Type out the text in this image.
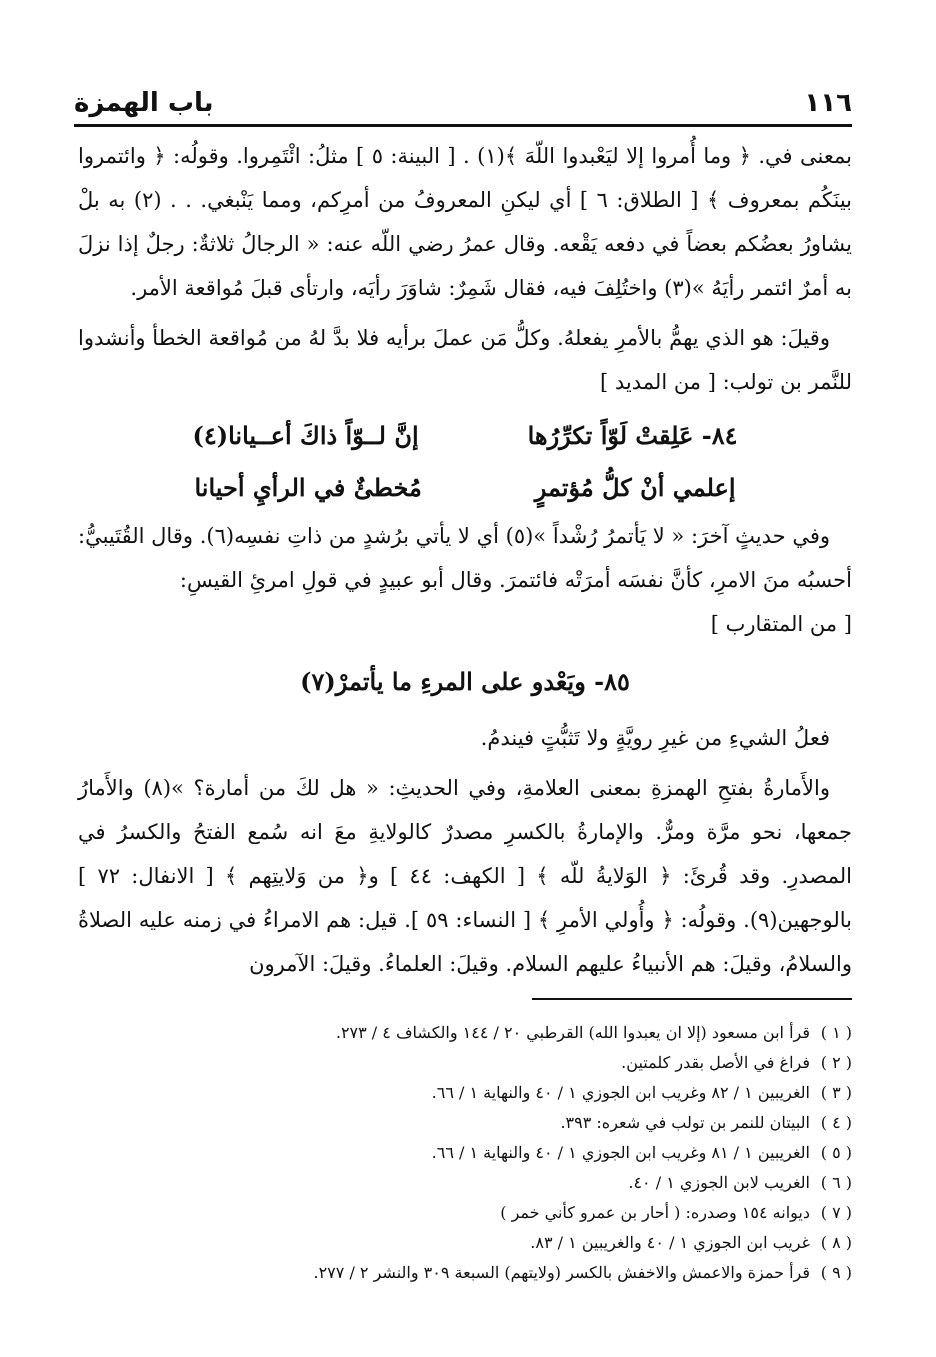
١١٦
باب الهمزة

بمعنى في. ﴿ وما أُمروا إلا ليَعْبدوا اللّهَ ﴾(١) . [ البينة: ٥ ] مثلُ: ائْتَمِروا. وقولُه: ﴿ وائتمروا بينَكُم بمعروف ﴾ [ الطلاق: ٦ ] أي ليكنِ المعروفُ من أمرِكم، ومما يَنْبغي. . . (٢) به بلْ يشاورُ بعضُكم بعضاً في دفعه يَقْعه. وقال عمرُ رضي اللّه عنه: « الرجالُ ثلاثةٌ: رجلٌ إذا نزلَ به أمرٌ ائتمر رأيَهُ »(٣) واختُلِفَ فيه، فقال شَمِرٌ: شاوَرَ رأيَه، وارتأى قبلَ مُواقعة الأمر.

وقيلَ: هو الذي يهمُّ بالأمرِ يفعلهُ. وكلُّ مَن عملَ برأيه فلا بدَّ لهُ من مُواقعة الخطأ وأنشدوا للنَّمر بن تولب: [ من المديد ]

٨٤- عَلِقتْ لَوّاً تكرِّرُها
إنَّ لــوّاً ذاكَ أعــيانا(٤)
إعلمي أنْ كلُّ مُؤتمرٍ
مُخطئٌ في الرأيِ أحيانا

وفي حديثٍ آخرَ: « لا يَأتمرُ رُشْداً »(٥) أي لا يأتي برُشدٍ من ذاتِ نفسِه(٦). وقال القُتَيبيُّ: أحسبُه منَ الامرِ، كأنَّ نفسَه أمرَتْه فائتمرَ. وقال أبو عبيدٍ في قولِ امرئِ القيسِ:

[ من المتقارب ]

٨٥- ويَعْدو على المرءِ ما يأتمرْ(٧)

فعلُ الشيءِ من غيرِ رويَّةٍ ولا تَثبُّتٍ فيندمُ.

والأَمارةُ بفتحِ الهمزةِ بمعنى العلامةِ، وفي الحديثِ: « هل لكَ من أمارة؟ »(٨) والأَمارُ جمعها، نحو مرَّة ومرٌّ. والإمارةُ بالكسرِ مصدرٌ كالولايةِ معَ انه سُمع الفتحُ والكسرُ في المصدرِ. وقد قُرئَ: ﴿ الوَلايةُ للّه ﴾ [ الكهف: ٤٤ ] و﴿ من وَلايتِهم ﴾ [ الانفال: ٧٢ ] بالوجهين(٩). وقولُه: ﴿ وأُولي الأمرِ ﴾ [ النساء: ٥٩ ]. قيل: هم الامراءُ في زمنه عليه الصلاةُ والسلامُ، وقيلَ: هم الأنبياءُ عليهم السلام. وقيلَ: العلماءُ. وقيلَ: الآمرون

( ١ )
قرأ ابن مسعود (إلا ان يعبدوا الله) القرطبي ٢٠ / ١٤٤ والكشاف ٤ / ٢٧٣.
( ٢ )
فراغ في الأصل بقدر كلمتين.
( ٣ )
الغريبين ١ / ٨٢ وغريب ابن الجوزي ١ / ٤٠ والنهاية ١ / ٦٦.
( ٤ )
البيتان للنمر بن تولب في شعره: ٣٩٣.
( ٥ )
الغريبين ١ / ٨١ وغريب ابن الجوزي ١ / ٤٠ والنهاية ١ / ٦٦.
( ٦ )
الغريب لابن الجوزي ١ / ٤٠.
( ٧ )
ديوانه ١٥٤ وصدره: ( أحار بن عمرو كأني خمر )
( ٨ )
غريب ابن الجوزي ١ / ٤٠ والغريبين ١ / ٨٣.
( ٩ )
قرأ حمزة والاعمش والاخفش بالكسر (ولايتهم) السبعة ٣٠٩ والنشر ٢ / ٢٧٧.
